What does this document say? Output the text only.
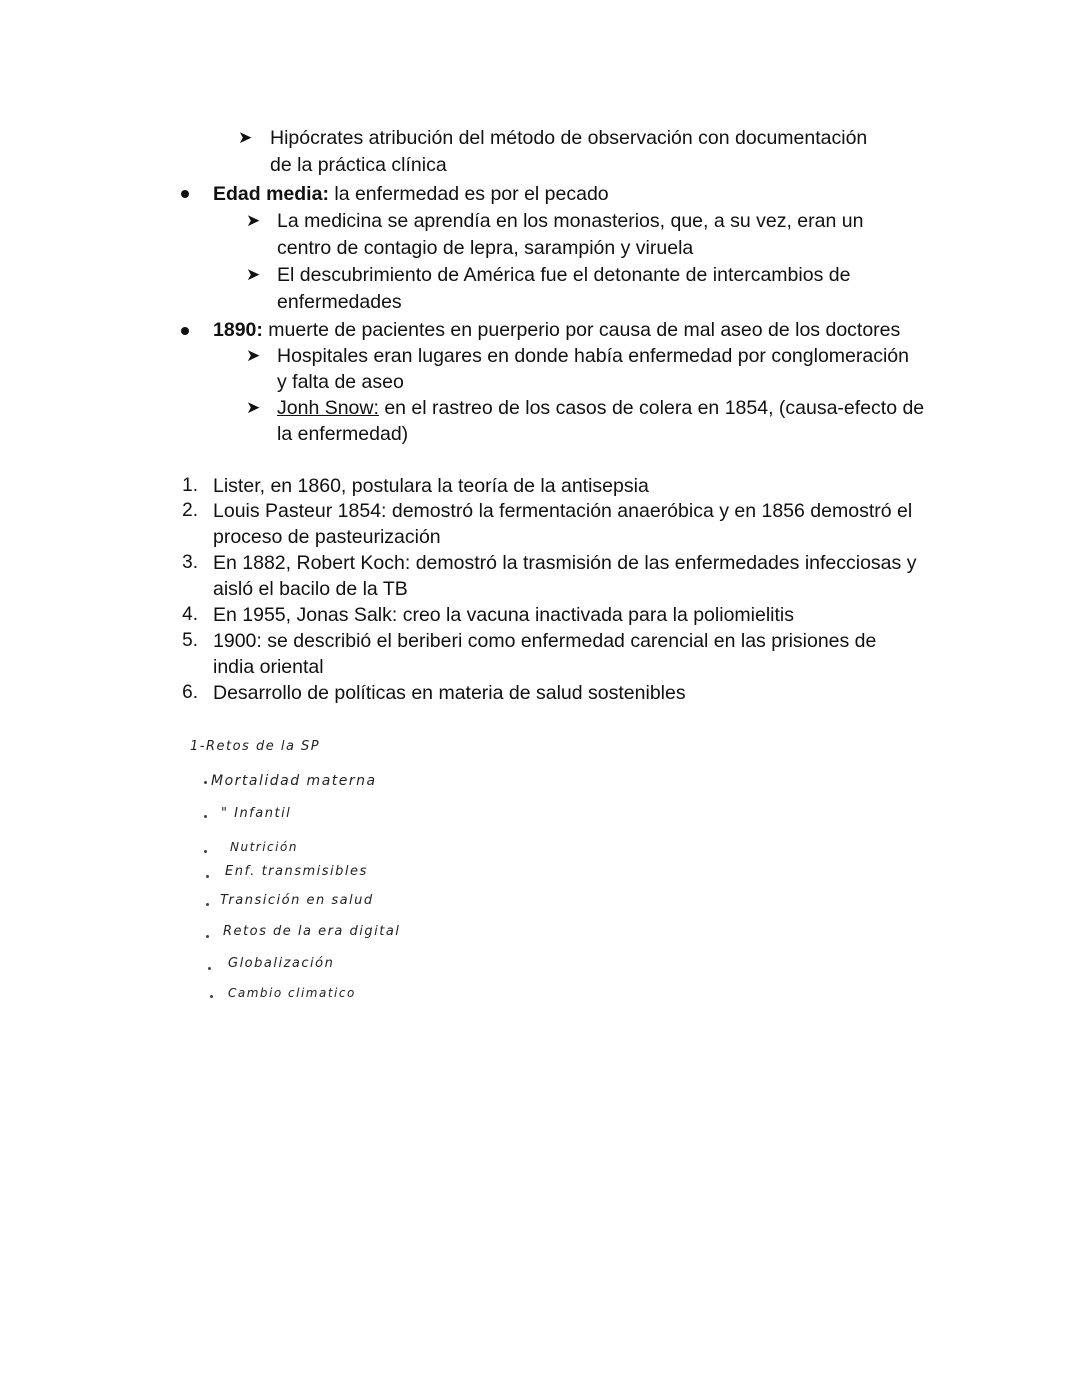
➤ Hipócrates atribución del método de observación con documentación
de la práctica clínica
Edad media: la enfermedad es por el pecado
➤ La medicina se aprendía en los monasterios, que, a su vez, eran un
centro de contagio de lepra, sarampión y viruela
➤ El descubrimiento de América fue el detonante de intercambios de
enfermedades
1890: muerte de pacientes en puerperio por causa de mal aseo de los doctores
➤ Hospitales eran lugares en donde había enfermedad por conglomeración
y falta de aseo
➤ Jonh Snow: en el rastreo de los casos de colera en 1854, (causa-efecto de
la enfermedad)
1. Lister, en 1860, postulara la teoría de la antisepsia
2. Louis Pasteur 1854: demostró la fermentación anaeróbica y en 1856 demostró el
proceso de pasteurización
3. En 1882, Robert Koch: demostró la trasmisión de las enfermedades infecciosas y
aisló el bacilo de la TB
4. En 1955, Jonas Salk: creo la vacuna inactivada para la poliomielitis
5. 1900: se describió el beriberi como enfermedad carencial en las prisiones de
india oriental
6. Desarrollo de políticas en materia de salud sostenibles
1-Retos de la SP
Mortalidad materna
" Infantil
Nutrición
Enf. transmisibles
Transición en salud
Retos de la era digital
Globalización
Cambio climatico
